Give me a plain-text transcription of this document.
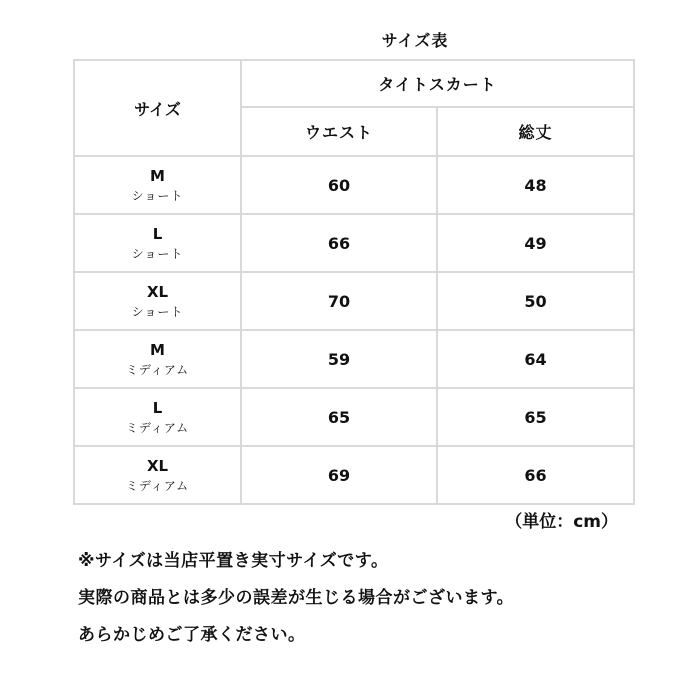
サイズ表
サイズ	タイトスカート	
	ウエスト	総丈

M
ショート	60	48

L
ショート	66	49

XL
ショート	70	50

M
ミディアム	59	64

L
ミディアム	65	65

XL
ミディアム	69	66
（単位：cm）
※サイズは当店平置き実寸サイズです。
実際の商品とは多少の誤差が生じる場合がございます。
あらかじめご了承ください。
